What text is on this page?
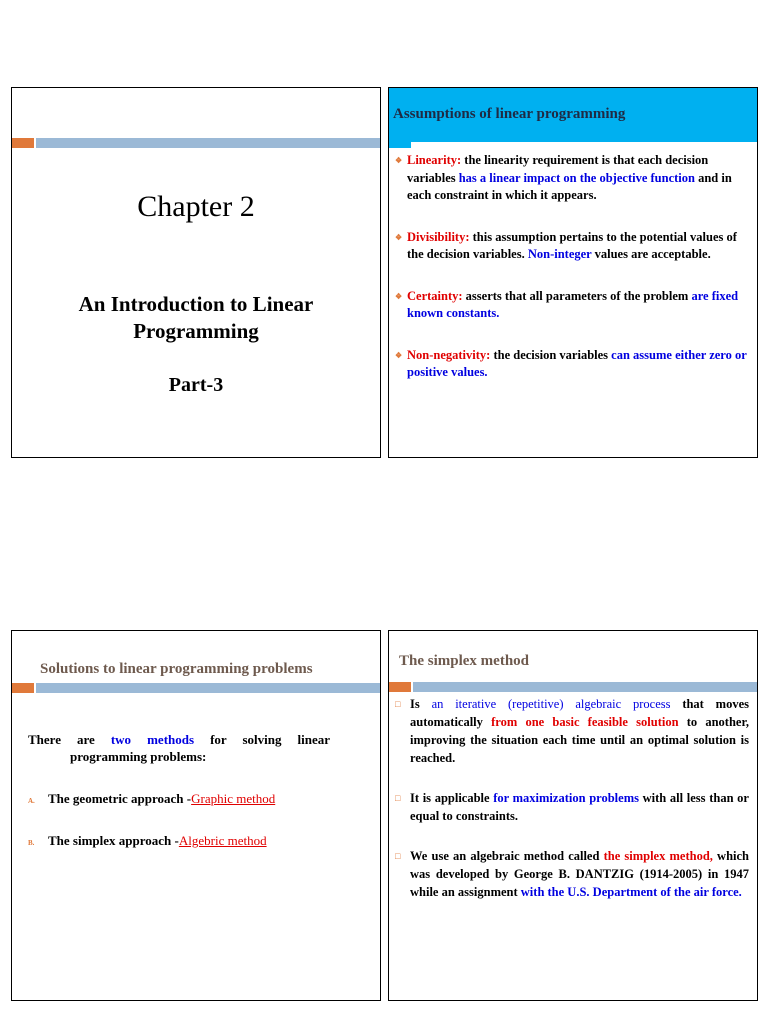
Chapter 2
An Introduction to Linear Programming
Part-3
Assumptions of linear programming
❖ Linearity: the linearity requirement is that each decision variables has a linear impact on the objective function and in each constraint in which it appears.
❖ Divisibility: this assumption pertains to the potential values of the decision variables. Non-integer values are acceptable.
❖ Certainty: asserts that all parameters of the problem are fixed known constants.
❖ Non-negativity: the decision variables can assume either zero or positive values.
Solutions to linear programming problems
There are two methods for solving linear
programming problems:
A.	The geometric approach - Graphic method
B.	The simplex approach - Algebric method
The simplex method
□ Is an iterative (repetitive) algebraic process that moves automatically from one basic feasible solution to another, improving the situation each time until an optimal solution is reached.
□ It is applicable for maximization problems with all less than or equal to constraints.
□ We use an algebraic method called the simplex method, which was developed by George B. DANTZIG (1914-2005) in 1947 while an assignment with the U.S. Department of the air force.
